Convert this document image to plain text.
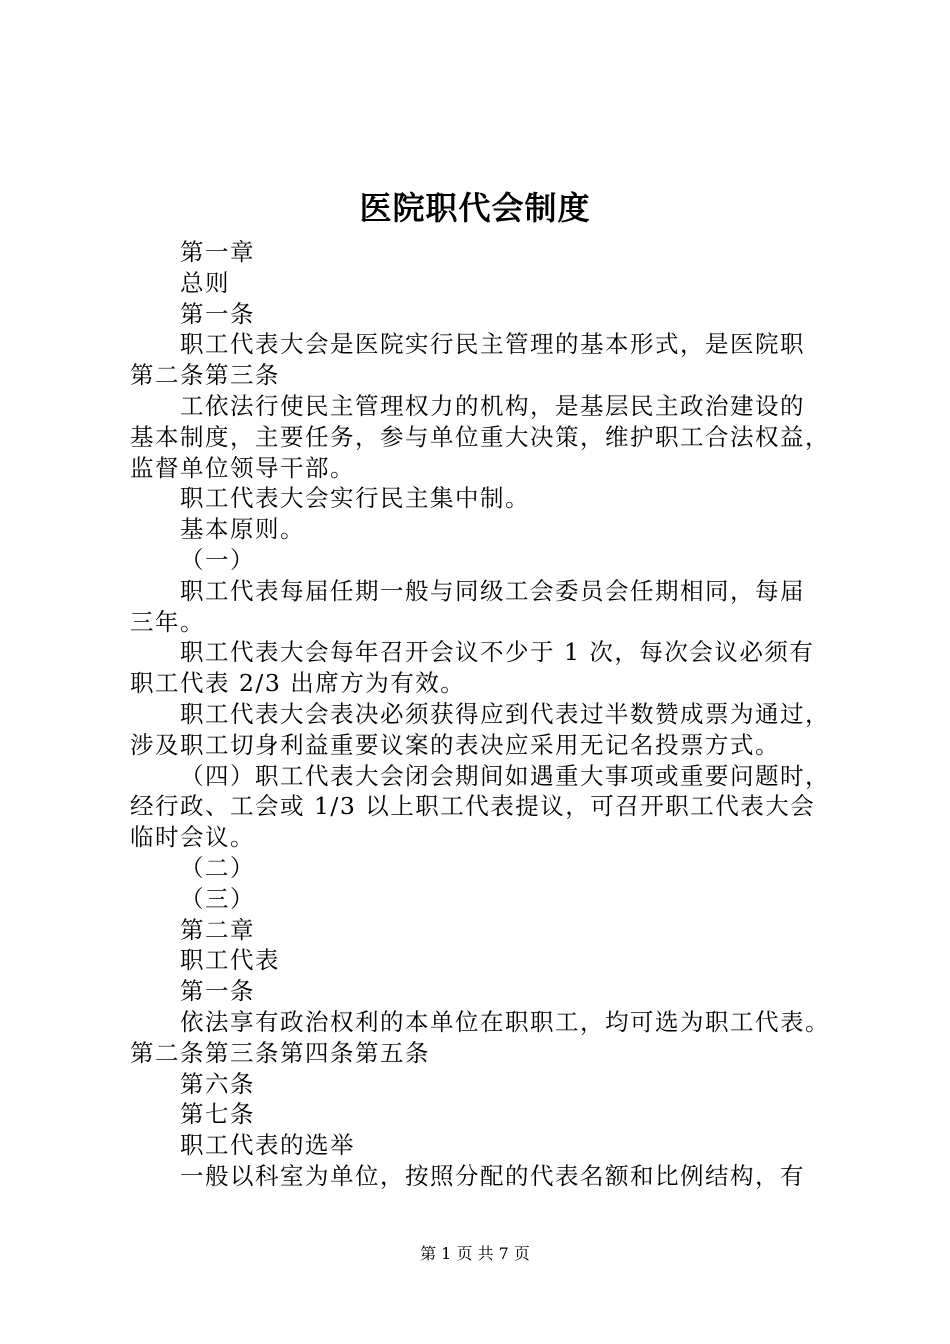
医院职代会制度

第一章

总则

第一条

职工代表大会是医院实行民主管理的基本形式，是医院职

第二条第三条

工依法行使民主管理权力的机构，是基层民主政治建设的

基本制度，主要任务，参与单位重大决策，维护职工合法权益，

监督单位领导干部。

职工代表大会实行民主集中制。

基本原则。

（一）

职工代表每届任期一般与同级工会委员会任期相同，每届

三年。

职工代表大会每年召开会议不少于 1 次，每次会议必须有

职工代表 2/3 出席方为有效。

职工代表大会表决必须获得应到代表过半数赞成票为通过，

涉及职工切身利益重要议案的表决应采用无记名投票方式。

（四）职工代表大会闭会期间如遇重大事项或重要问题时，

经行政、工会或 1/3 以上职工代表提议，可召开职工代表大会

临时会议。

（二）

（三）

第二章

职工代表

第一条

依法享有政治权利的本单位在职职工，均可选为职工代表。

第二条第三条第四条第五条

第六条

第七条

职工代表的选举

一般以科室为单位，按照分配的代表名额和比例结构，有

第 1 页 共 7 页
